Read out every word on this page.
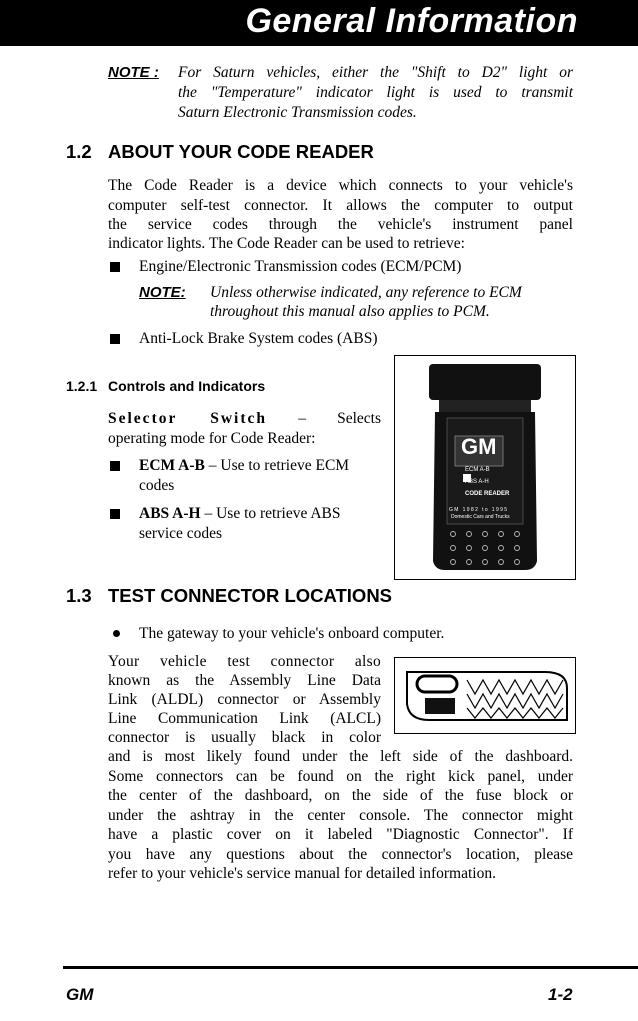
General Information
NOTE : For Saturn vehicles, either the "Shift to D2" light or
the "Temperature" indicator light is used to transmit
Saturn Electronic Transmission codes.
1.2 ABOUT YOUR CODE READER
The Code Reader is a device which connects to your vehicle's
computer self-test connector. It allows the computer to output
the service codes through the vehicle's instrument panel
indicator lights. The Code Reader can be used to retrieve:
Engine/Electronic Transmission codes (ECM/PCM)
NOTE: Unless otherwise indicated, any reference to ECM
throughout this manual also applies to PCM.
Anti-Lock Brake System codes (ABS)
1.2.1 Controls and Indicators
Selector Switch – Selects
operating mode for Code Reader:
ECM A-B – Use to retrieve ECM
codes
ABS A-H – Use to retrieve ABS
service codes
GM
ECM A-B
ABS A-H
CODE READER
G M   1 9 8 2   t o   1 9 9 5
Domestic Cars and Trucks
1.3 TEST CONNECTOR LOCATIONS
The gateway to your vehicle's onboard computer.
Your vehicle test connector also
known as the Assembly Line Data
Link (ALDL) connector or Assembly
Line Communication Link (ALCL)
connector is usually black in color
and is most likely found under the left side of the dashboard.
Some connectors can be found on the right kick panel, under
the center of the dashboard, on the side of the fuse block or
under the ashtray in the center console. The connector might
have a plastic cover on it labeled "Diagnostic Connector". If
you have any questions about the connector's location, please
refer to your vehicle's service manual for detailed information.
GM	1-2
